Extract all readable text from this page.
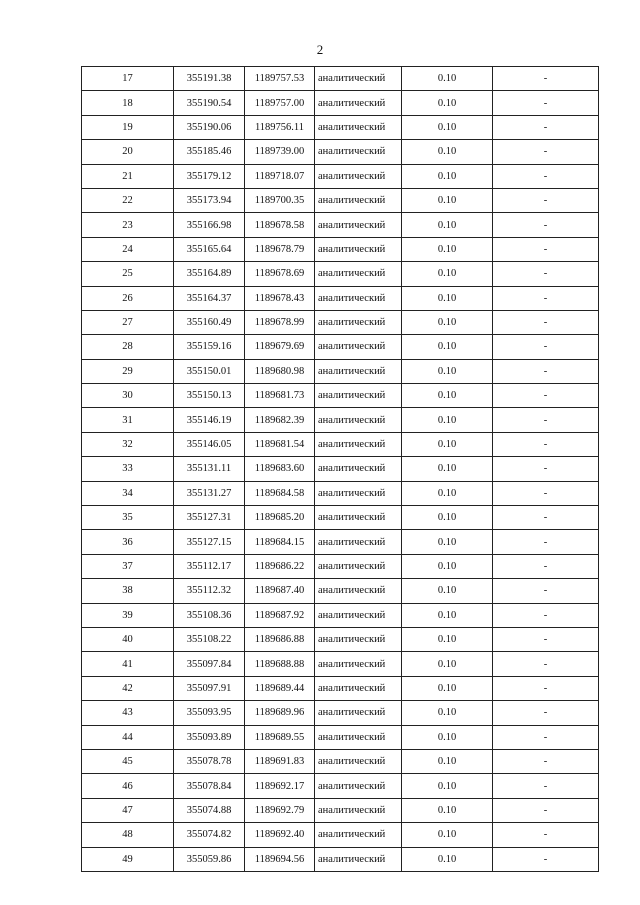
2
17	355191.38	1189757.53	аналитический	0.10	-
18	355190.54	1189757.00	аналитический	0.10	-
19	355190.06	1189756.11	аналитический	0.10	-
20	355185.46	1189739.00	аналитический	0.10	-
21	355179.12	1189718.07	аналитический	0.10	-
22	355173.94	1189700.35	аналитический	0.10	-
23	355166.98	1189678.58	аналитический	0.10	-
24	355165.64	1189678.79	аналитический	0.10	-
25	355164.89	1189678.69	аналитический	0.10	-
26	355164.37	1189678.43	аналитический	0.10	-
27	355160.49	1189678.99	аналитический	0.10	-
28	355159.16	1189679.69	аналитический	0.10	-
29	355150.01	1189680.98	аналитический	0.10	-
30	355150.13	1189681.73	аналитический	0.10	-
31	355146.19	1189682.39	аналитический	0.10	-
32	355146.05	1189681.54	аналитический	0.10	-
33	355131.11	1189683.60	аналитический	0.10	-
34	355131.27	1189684.58	аналитический	0.10	-
35	355127.31	1189685.20	аналитический	0.10	-
36	355127.15	1189684.15	аналитический	0.10	-
37	355112.17	1189686.22	аналитический	0.10	-
38	355112.32	1189687.40	аналитический	0.10	-
39	355108.36	1189687.92	аналитический	0.10	-
40	355108.22	1189686.88	аналитический	0.10	-
41	355097.84	1189688.88	аналитический	0.10	-
42	355097.91	1189689.44	аналитический	0.10	-
43	355093.95	1189689.96	аналитический	0.10	-
44	355093.89	1189689.55	аналитический	0.10	-
45	355078.78	1189691.83	аналитический	0.10	-
46	355078.84	1189692.17	аналитический	0.10	-
47	355074.88	1189692.79	аналитический	0.10	-
48	355074.82	1189692.40	аналитический	0.10	-
49	355059.86	1189694.56	аналитический	0.10	-
